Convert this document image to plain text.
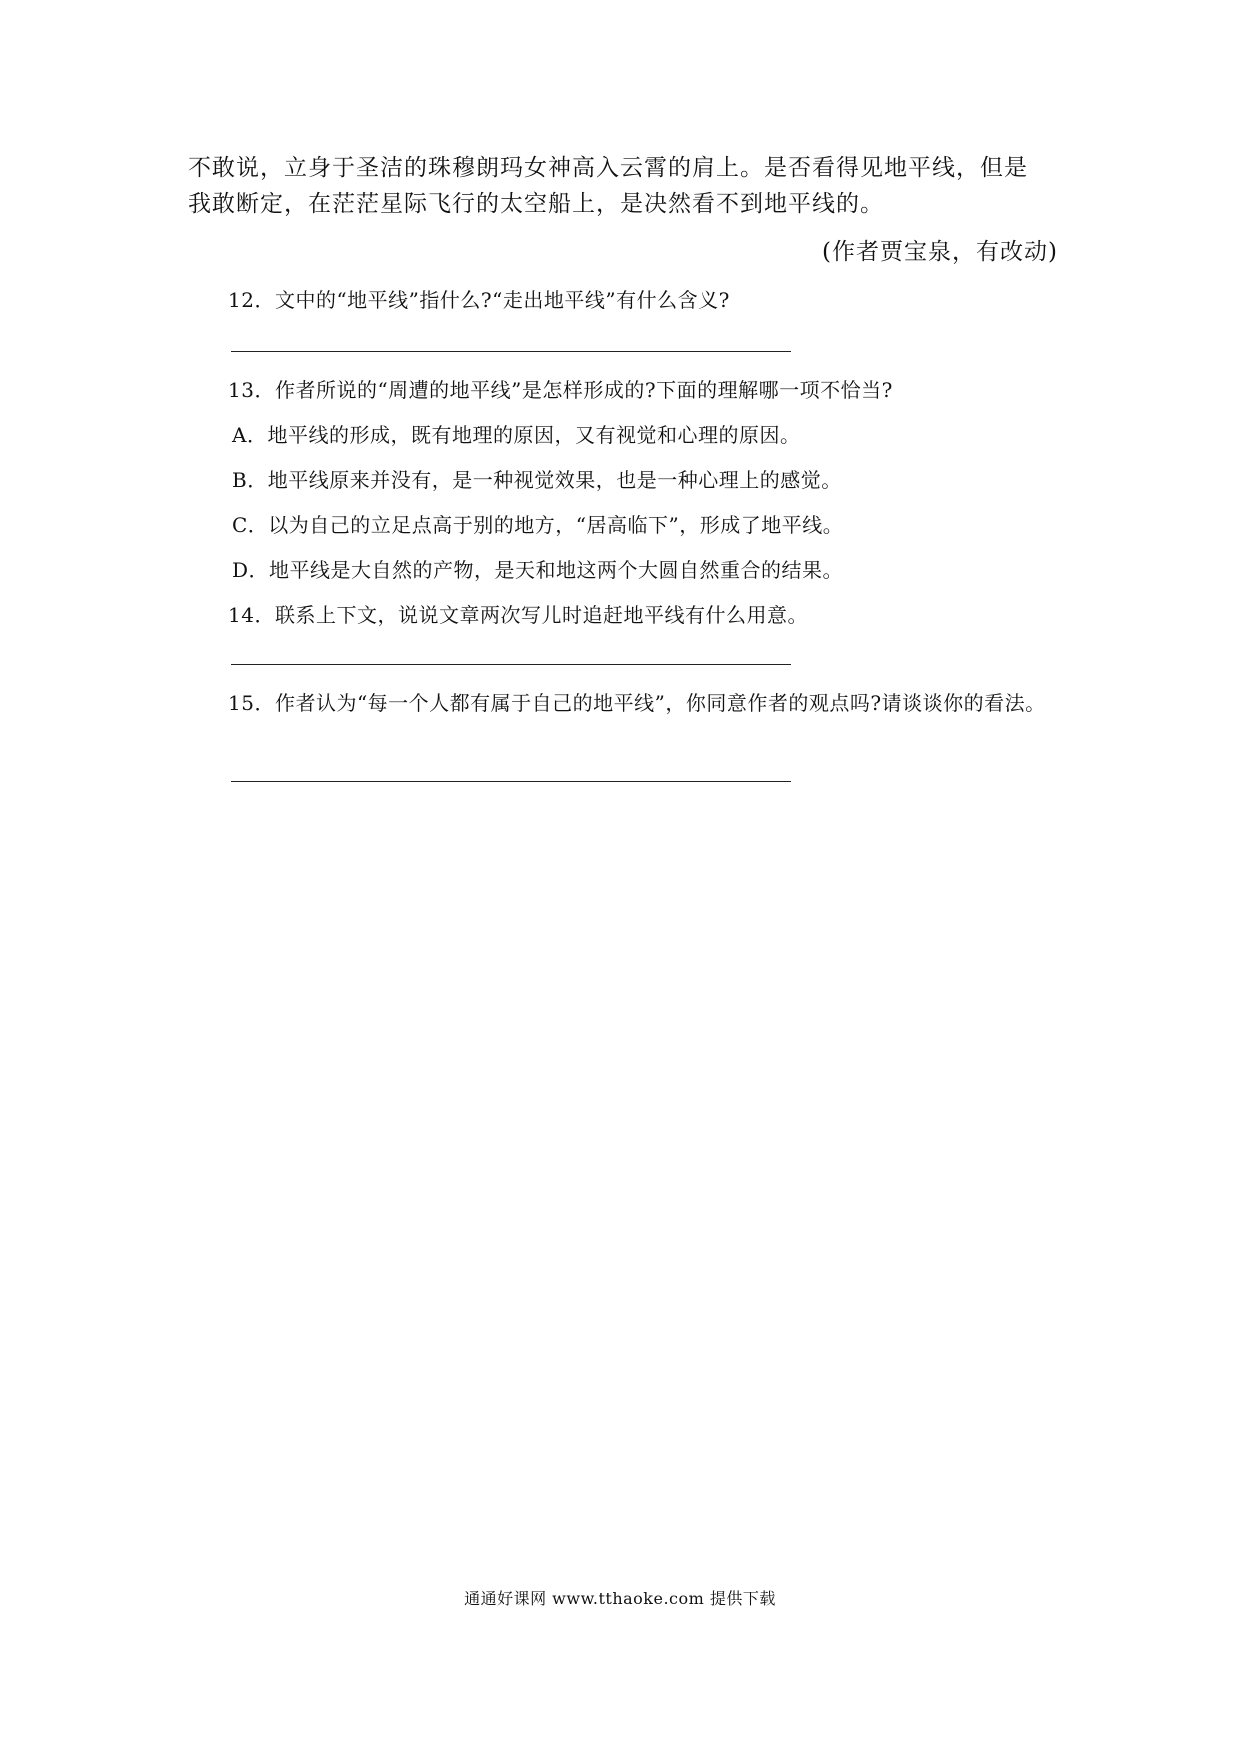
不敢说，立身于圣洁的珠穆朗玛女神高入云霄的肩上。是否看得见地平线，但是
我敢断定，在茫茫星际飞行的太空船上，是决然看不到地平线的。
(作者贾宝泉，有改动)
12．文中的“地平线”指什么?“走出地平线”有什么含义?
13．作者所说的“周遭的地平线”是怎样形成的?下面的理解哪一项不恰当?
A．地平线的形成，既有地理的原因，又有视觉和心理的原因。
B．地平线原来并没有，是一种视觉效果，也是一种心理上的感觉。
C．以为自己的立足点高于别的地方，“居高临下”，形成了地平线。
D．地平线是大自然的产物，是天和地这两个大圆自然重合的结果。
14．联系上下文，说说文章两次写儿时追赶地平线有什么用意。
15．作者认为“每一个人都有属于自己的地平线”，你同意作者的观点吗?请谈谈你的看法。
通通好课网 www.tthaoke.com 提供下载
